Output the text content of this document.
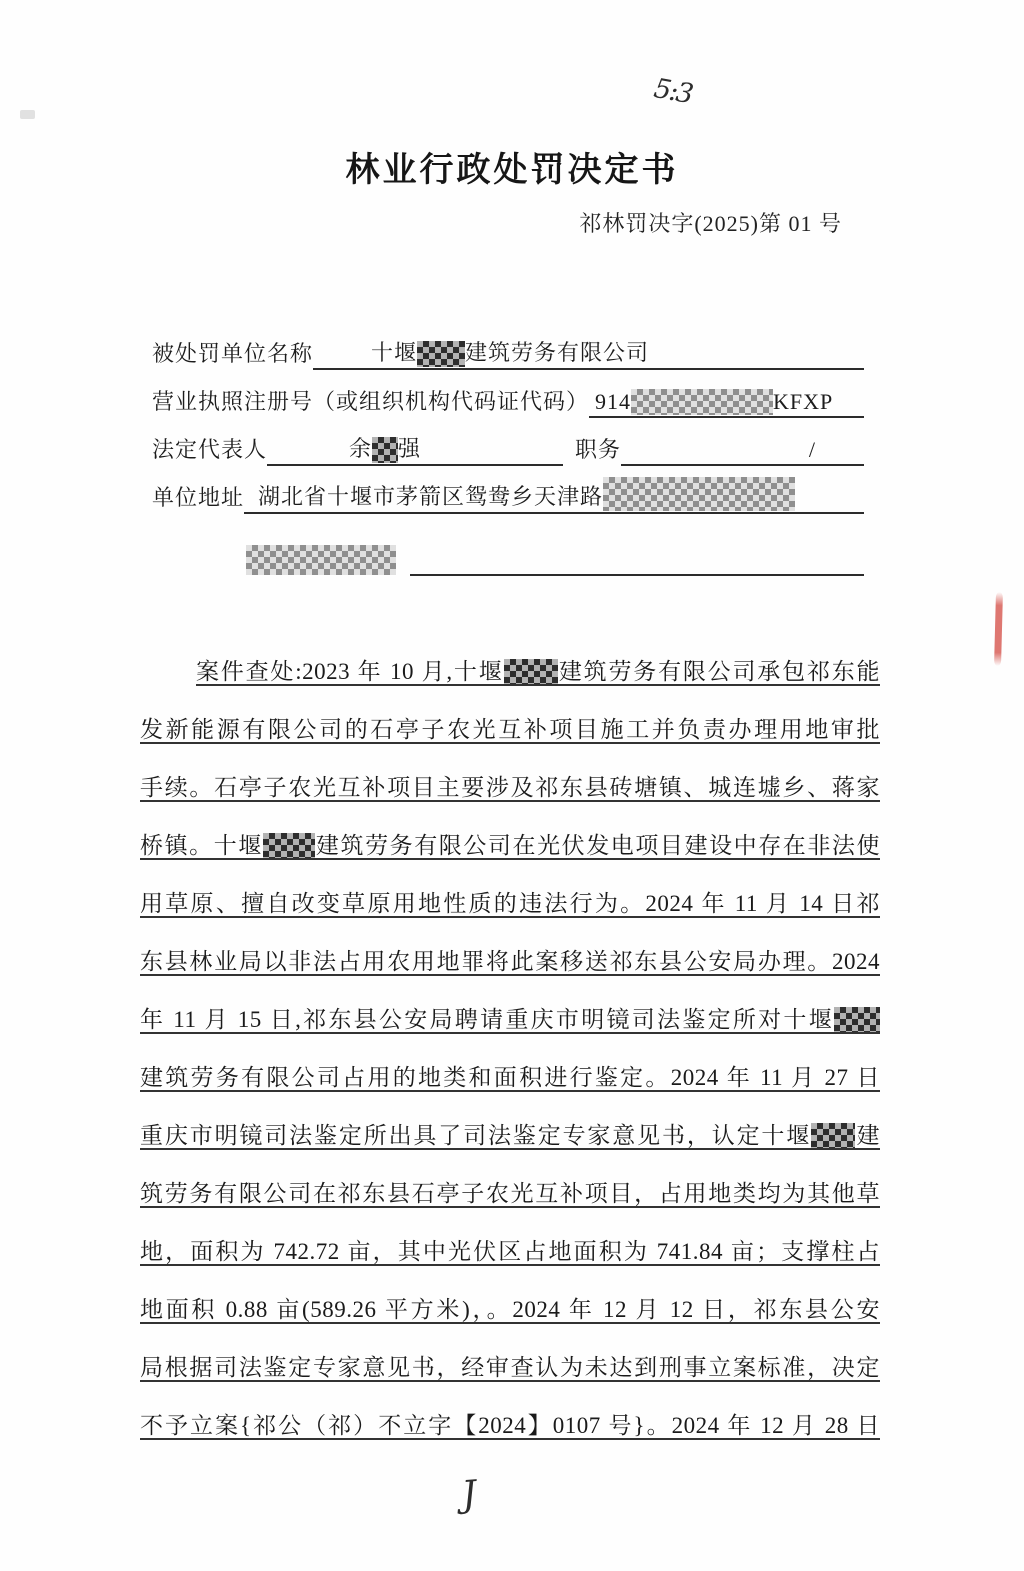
5:3
林业行政处罚决定书
祁林罚决字(2025)第 01 号
被处罚单位名称	十堰 建筑劳务有限公司
营业执照注册号（或组织机构代码证代码） 914	KFXP
法定代表人	余 强	职务	/
单位地址 湖北省十堰市茅箭区鸳鸯乡天津路
案件查处:2023 年 10 月,十堰 建筑劳务有限公司承包祁东能
发新能源有限公司的石亭子农光互补项目施工并负责办理用地审批
手续。石亭子农光互补项目主要涉及祁东县砖塘镇、城连墟乡、蒋家
桥镇。十堰 建筑劳务有限公司在光伏发电项目建设中存在非法使
用草原、擅自改变草原用地性质的违法行为。2024 年 11 月 14 日祁
东县林业局以非法占用农用地罪将此案移送祁东县公安局办理。2024
年 11 月 15 日,祁东县公安局聘请重庆市明镜司法鉴定所对十堰
建筑劳务有限公司占用的地类和面积进行鉴定。2024 年 11 月 27 日
重庆市明镜司法鉴定所出具了司法鉴定专家意见书，认定十堰 建
筑劳务有限公司在祁东县石亭子农光互补项目，占用地类均为其他草
地，面积为 742.72 亩，其中光伏区占地面积为 741.84 亩；支撑柱占
地面积 0.88 亩(589.26 平方米)，。2024 年 12 月 12 日，祁东县公安
局根据司法鉴定专家意见书，经审查认为未达到刑事立案标准，决定
不予立案{祁公（祁）不立字【2024】0107 号}。2024 年 12 月 28 日
J
